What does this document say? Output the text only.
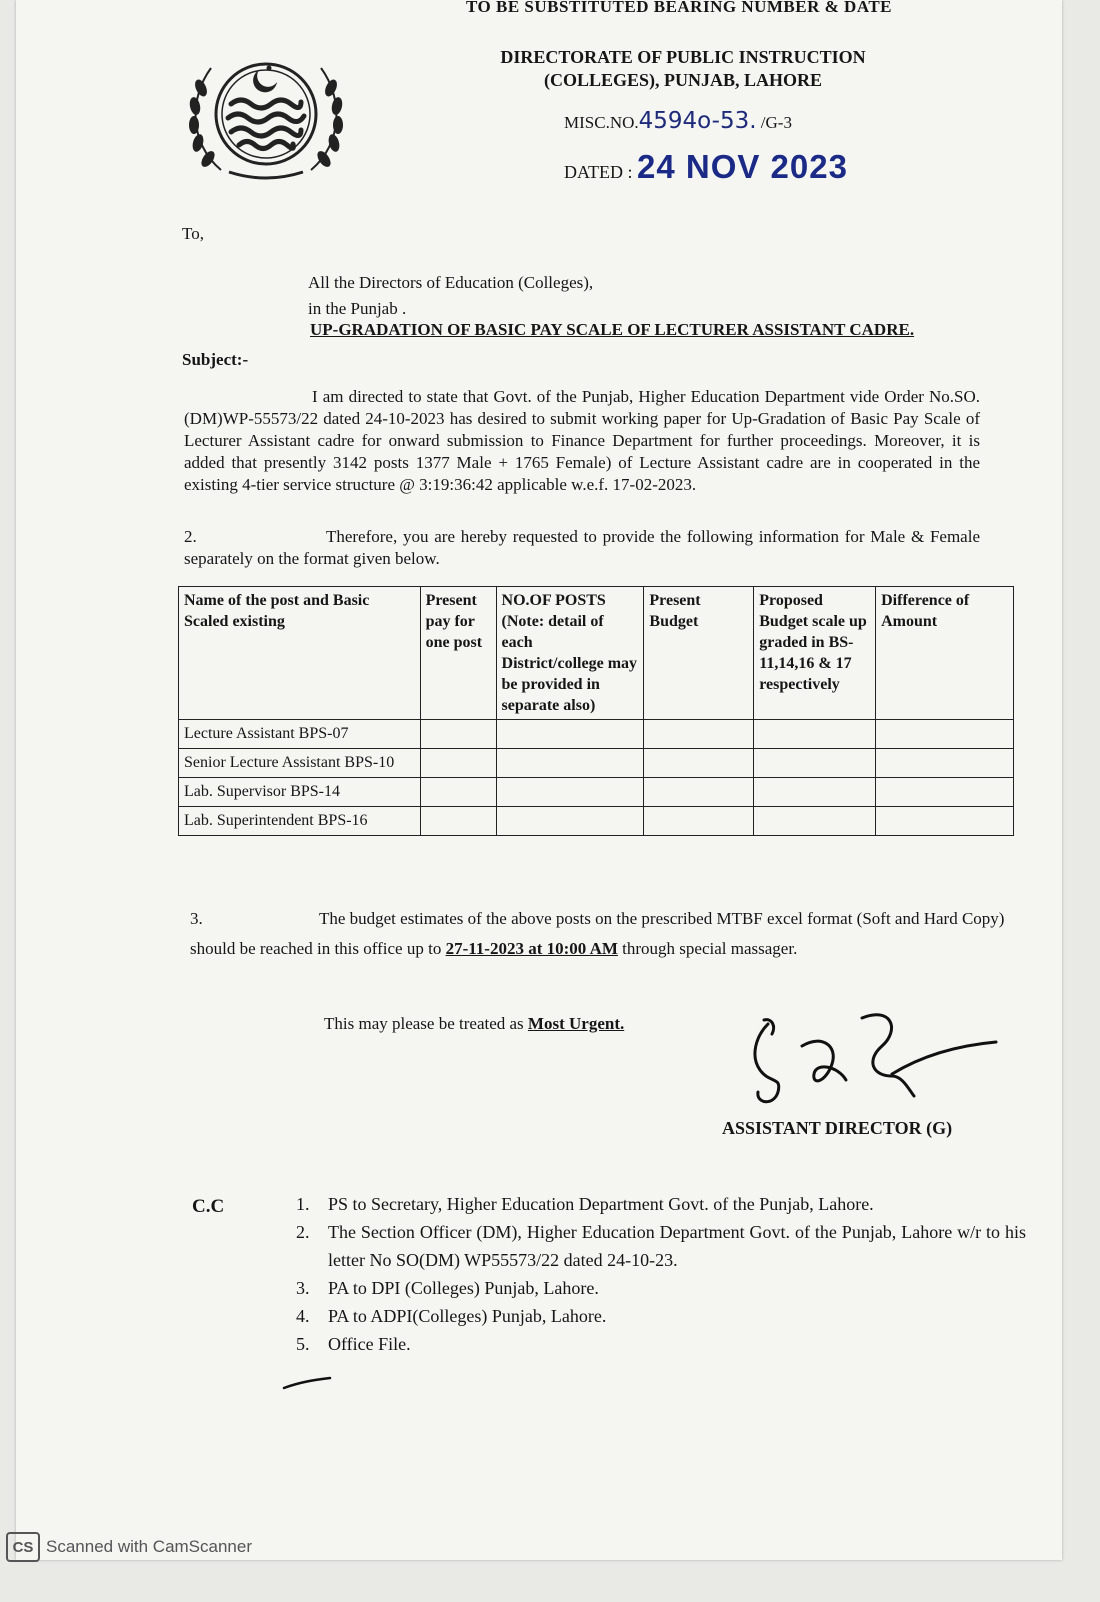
TO BE SUBSTITUTED BEARING NUMBER & DATE
DIRECTORATE OF PUBLIC INSTRUCTION
(COLLEGES), PUNJAB, LAHORE
MISC.NO.4594o-53. /G-3
DATED : 24 NOV 2023
To,
All the Directors of Education (Colleges),
in the Punjab .
Subject:-
UP-GRADATION OF BASIC PAY SCALE OF LECTURER ASSISTANT CADRE.
I am directed to state that Govt. of the Punjab, Higher Education Department vide Order No.SO.(DM)WP-55573/22 dated 24-10-2023 has desired to submit working paper for Up-Gradation of Basic Pay Scale of Lecturer Assistant cadre for onward submission to Finance Department for further proceedings. Moreover, it is added that presently 3142 posts 1377 Male + 1765 Female) of Lecture Assistant cadre are in cooperated in the existing 4-tier service structure @ 3:19:36:42 applicable w.e.f. 17-02-2023.
2.	Therefore, you are hereby requested to provide the following information for Male & Female separately on the format given below.
Name of the post and Basic Scaled existing	Present pay for one post	NO.OF POSTS (Note: detail of each District/college may be provided in separate also)	Present Budget	Proposed Budget scale up graded in BS-11,14,16 & 17 respectively	Difference of Amount
Lecture Assistant BPS-07					
Senior Lecture Assistant BPS-10					
Lab. Supervisor BPS-14					
Lab. Superintendent BPS-16					
3.	The budget estimates of the above posts on the prescribed MTBF excel format (Soft and Hard Copy) should be reached in this office up to 27-11-2023 at 10:00 AM through special massager.
This may please be treated as Most Urgent.
ASSISTANT DIRECTOR (G)
C.C	1.	PS to Secretary, Higher Education Department Govt. of the Punjab, Lahore.
2.	The Section Officer (DM), Higher Education Department Govt. of the Punjab, Lahore w/r to his letter No SO(DM) WP55573/22 dated 24-10-23.
3.	PA to DPI (Colleges) Punjab, Lahore.
4.	PA to ADPI(Colleges) Punjab, Lahore.
5.	Office File.
CS Scanned with CamScanner
